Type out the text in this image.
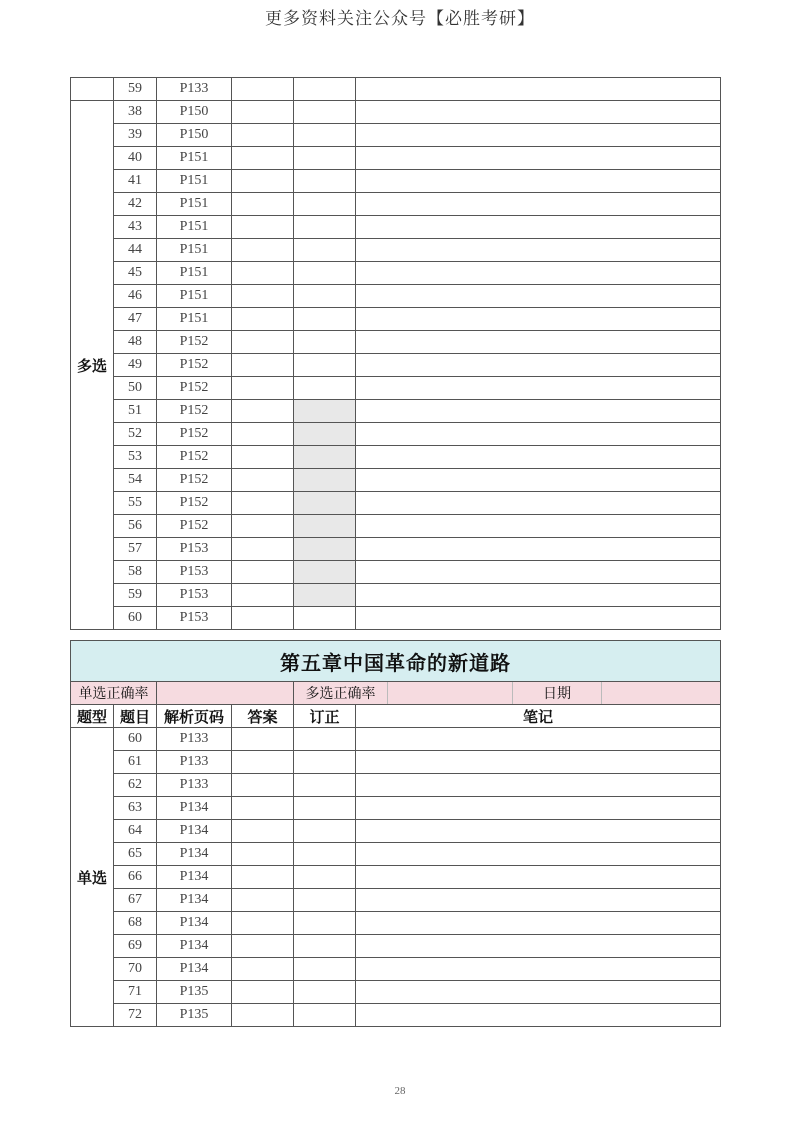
更多资料关注公众号【必胜考研】
	59	P133			
多选	38	P150			
	39	P150			
	40	P151			
	41	P151			
	42	P151			
	43	P151			
	44	P151			
	45	P151			
	46	P151			
	47	P151			
	48	P152			
	49	P152			
	50	P152			
	51	P152			
	52	P152			
	53	P152			
	54	P152			
	55	P152			
	56	P152			
	57	P153			
	58	P153			
	59	P153			
	60	P153			
第五章中国革命的新道路					
单选正确率				多选正确率 日期	

题型	题目	解析页码	答案	订正	笔记
单选	60	P133			
	61	P133			
	62	P133			
	63	P134			
	64	P134			
	65	P134			
	66	P134			
	67	P134			
	68	P134			
	69	P134			
	70	P134			
	71	P135			
	72	P135			
28
